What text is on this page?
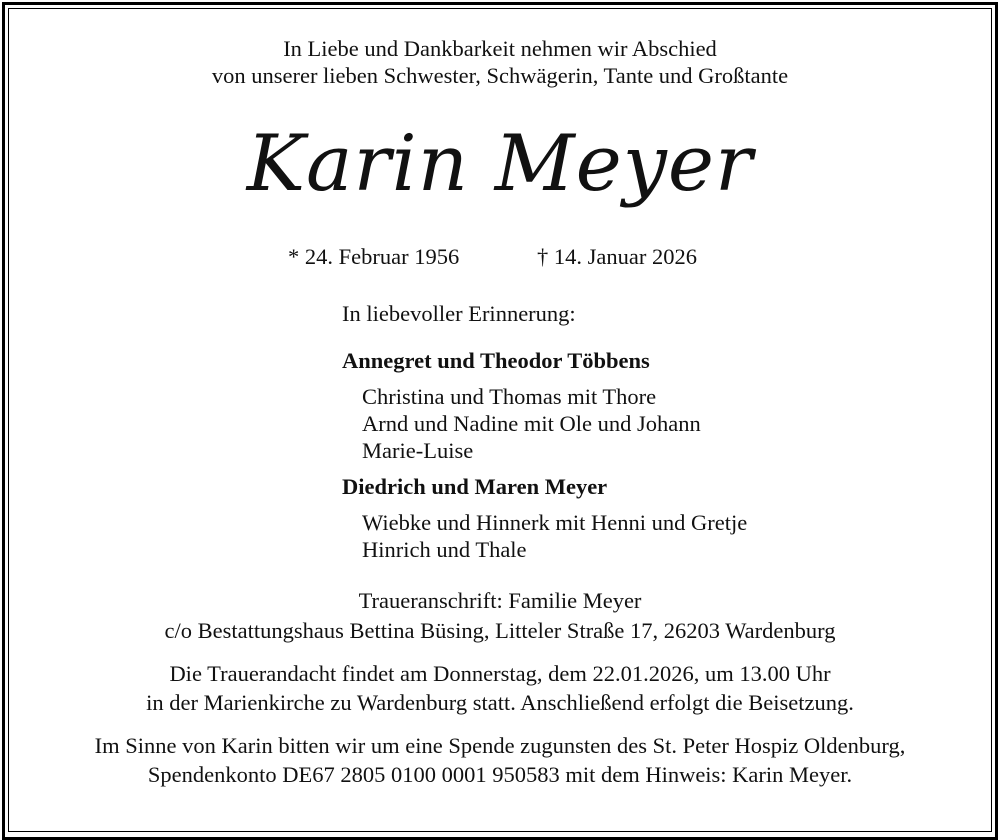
In Liebe und Dankbarkeit nehmen wir Abschied
von unserer lieben Schwester, Schwägerin, Tante und Großtante
Karin Meyer
* 24. Februar 1956	† 14. Januar 2026
In liebevoller Erinnerung:
Annegret und Theodor Többens
Christina und Thomas mit Thore
Arnd und Nadine mit Ole und Johann
Marie-Luise
Diedrich und Maren Meyer
Wiebke und Hinnerk mit Henni und Gretje
Hinrich und Thale
Traueranschrift: Familie Meyer
c/o Bestattungshaus Bettina Büsing, Litteler Straße 17, 26203 Wardenburg
Die Trauerandacht findet am Donnerstag, dem 22.01.2026, um 13.00 Uhr
in der Marienkirche zu Wardenburg statt. Anschließend erfolgt die Beisetzung.
Im Sinne von Karin bitten wir um eine Spende zugunsten des St. Peter Hospiz Oldenburg,
Spendenkonto DE67 2805 0100 0001 950583 mit dem Hinweis: Karin Meyer.
